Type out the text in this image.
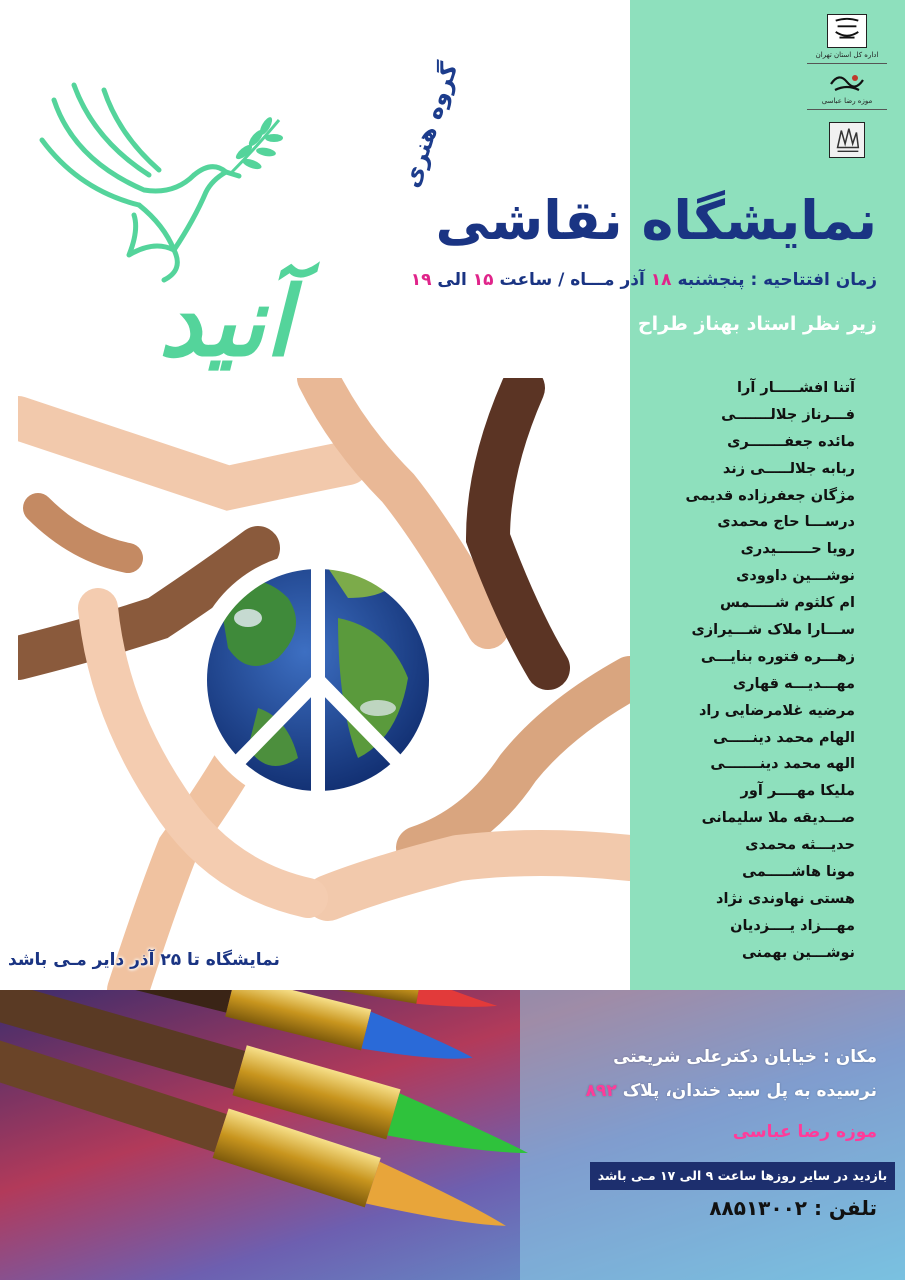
اداره کل استان تهران
موزه رضا عباسی
گروه هنری
آنید
نمایشگاه نقاشی
زمان افتتاحیه : پنجشنبه ۱۸ آذر مـــاه / ساعت ۱۵ الی ۱۹
زیر نظر استاد بهناز طراح
آتنا افشـــــار آرا
فـــرناز جلالـــــــی
مائده جعفـــــــری
ربابه جلالـــــی زند
مژگان جعفرزاده قدیمی
درســـا حاج محمدی
رویا حـــــــیدری
نوشـــین داوودی
ام کلثوم شـــــمس
ســـارا ملاک شـــیرازی
زهـــره فتوره بنایـــی
مهـــدیـــه قهاری
مرضیه غلامرضایی راد
الهام محمد دینـــــی
الهه محمد دینـــــــی
ملیکا مهــــر آور
صـــدیقه ملا سلیمانی
حدیـــثه محمدی
مونا هاشـــــمی
هستی نهاوندی نژاد
مهـــزاد یــــزدیان
نوشـــین بهمنی
نمایشگاه تا ۲۵ آذر دایر مـی باشد
مکان : خیابان دکترعلی شریعتی
نرسیده به پل سید خندان، پلاک ۸۹۲
موزه رضا عباسی
بازدید در سایر روزها ساعت ۹ الی ۱۷ مـی باشد
تلفن : ۸۸۵۱۳۰۰۲
